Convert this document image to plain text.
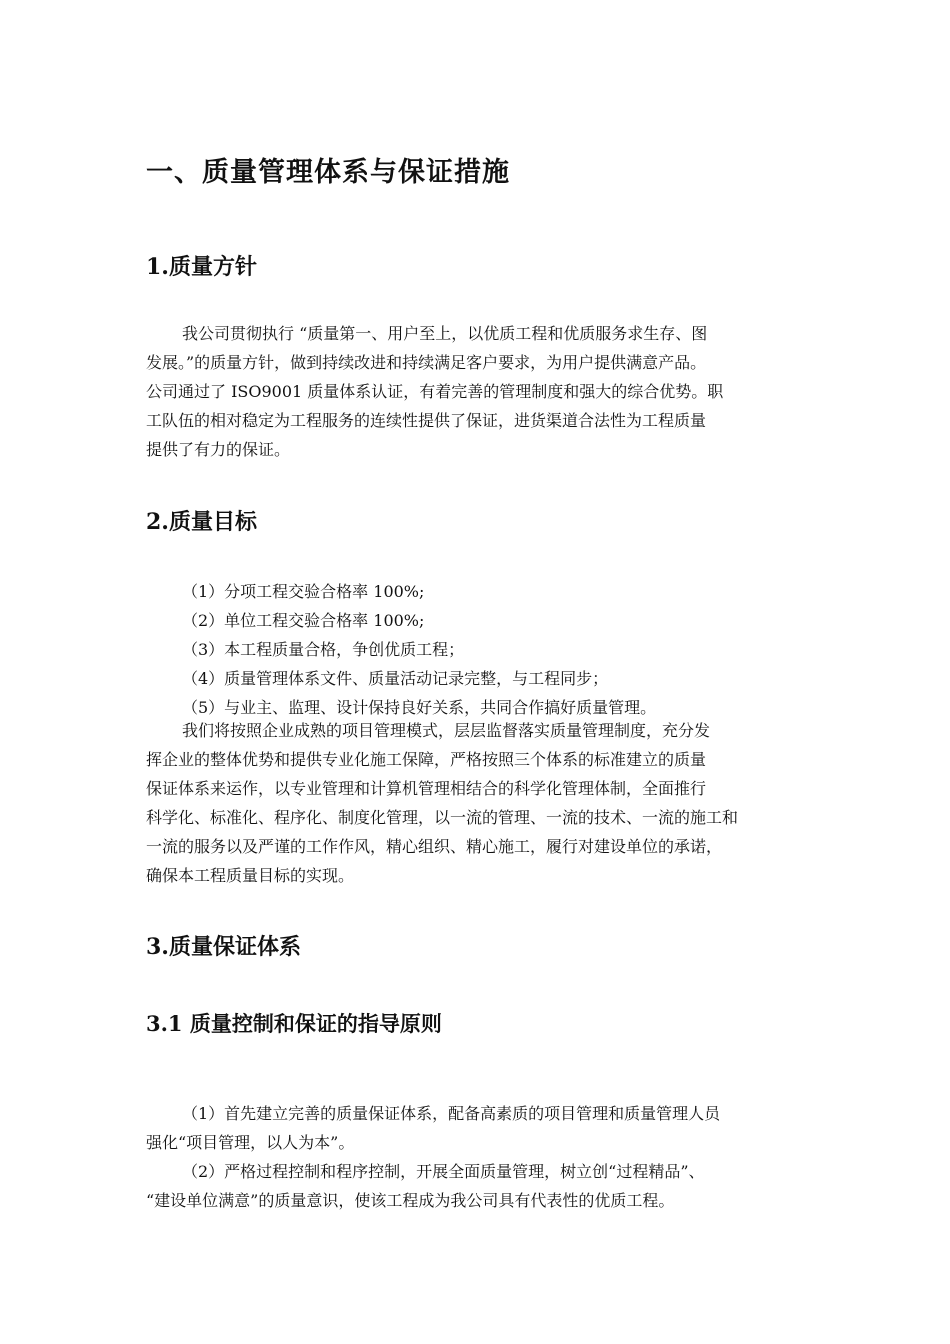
一、质量管理体系与保证措施
1.质量方针
我公司贯彻执行 “质量第一、用户至上，以优质工程和优质服务求生存、图
发展。”的质量方针，做到持续改进和持续满足客户要求，为用户提供满意产品。
公司通过了 ISO9001 质量体系认证，有着完善的管理制度和强大的综合优势。职
工队伍的相对稳定为工程服务的连续性提供了保证，进货渠道合法性为工程质量
提供了有力的保证。
2.质量目标
（1）分项工程交验合格率 100%;
（2）单位工程交验合格率 100%;
（3）本工程质量合格，争创优质工程；
（4）质量管理体系文件、质量活动记录完整，与工程同步；
（5）与业主、监理、设计保持良好关系，共同合作搞好质量管理。
我们将按照企业成熟的项目管理模式，层层监督落实质量管理制度，充分发
挥企业的整体优势和提供专业化施工保障，严格按照三个体系的标准建立的质量
保证体系来运作，以专业管理和计算机管理相结合的科学化管理体制，全面推行
科学化、标准化、程序化、制度化管理，以一流的管理、一流的技术、一流的施工和
一流的服务以及严谨的工作作风，精心组织、精心施工，履行对建设单位的承诺，
确保本工程质量目标的实现。
3.质量保证体系
3.1 质量控制和保证的指导原则
（1）首先建立完善的质量保证体系，配备高素质的项目管理和质量管理人员
强化“项目管理，以人为本”。
（2）严格过程控制和程序控制，开展全面质量管理，树立创“过程精品”、
“建设单位满意”的质量意识，使该工程成为我公司具有代表性的优质工程。
